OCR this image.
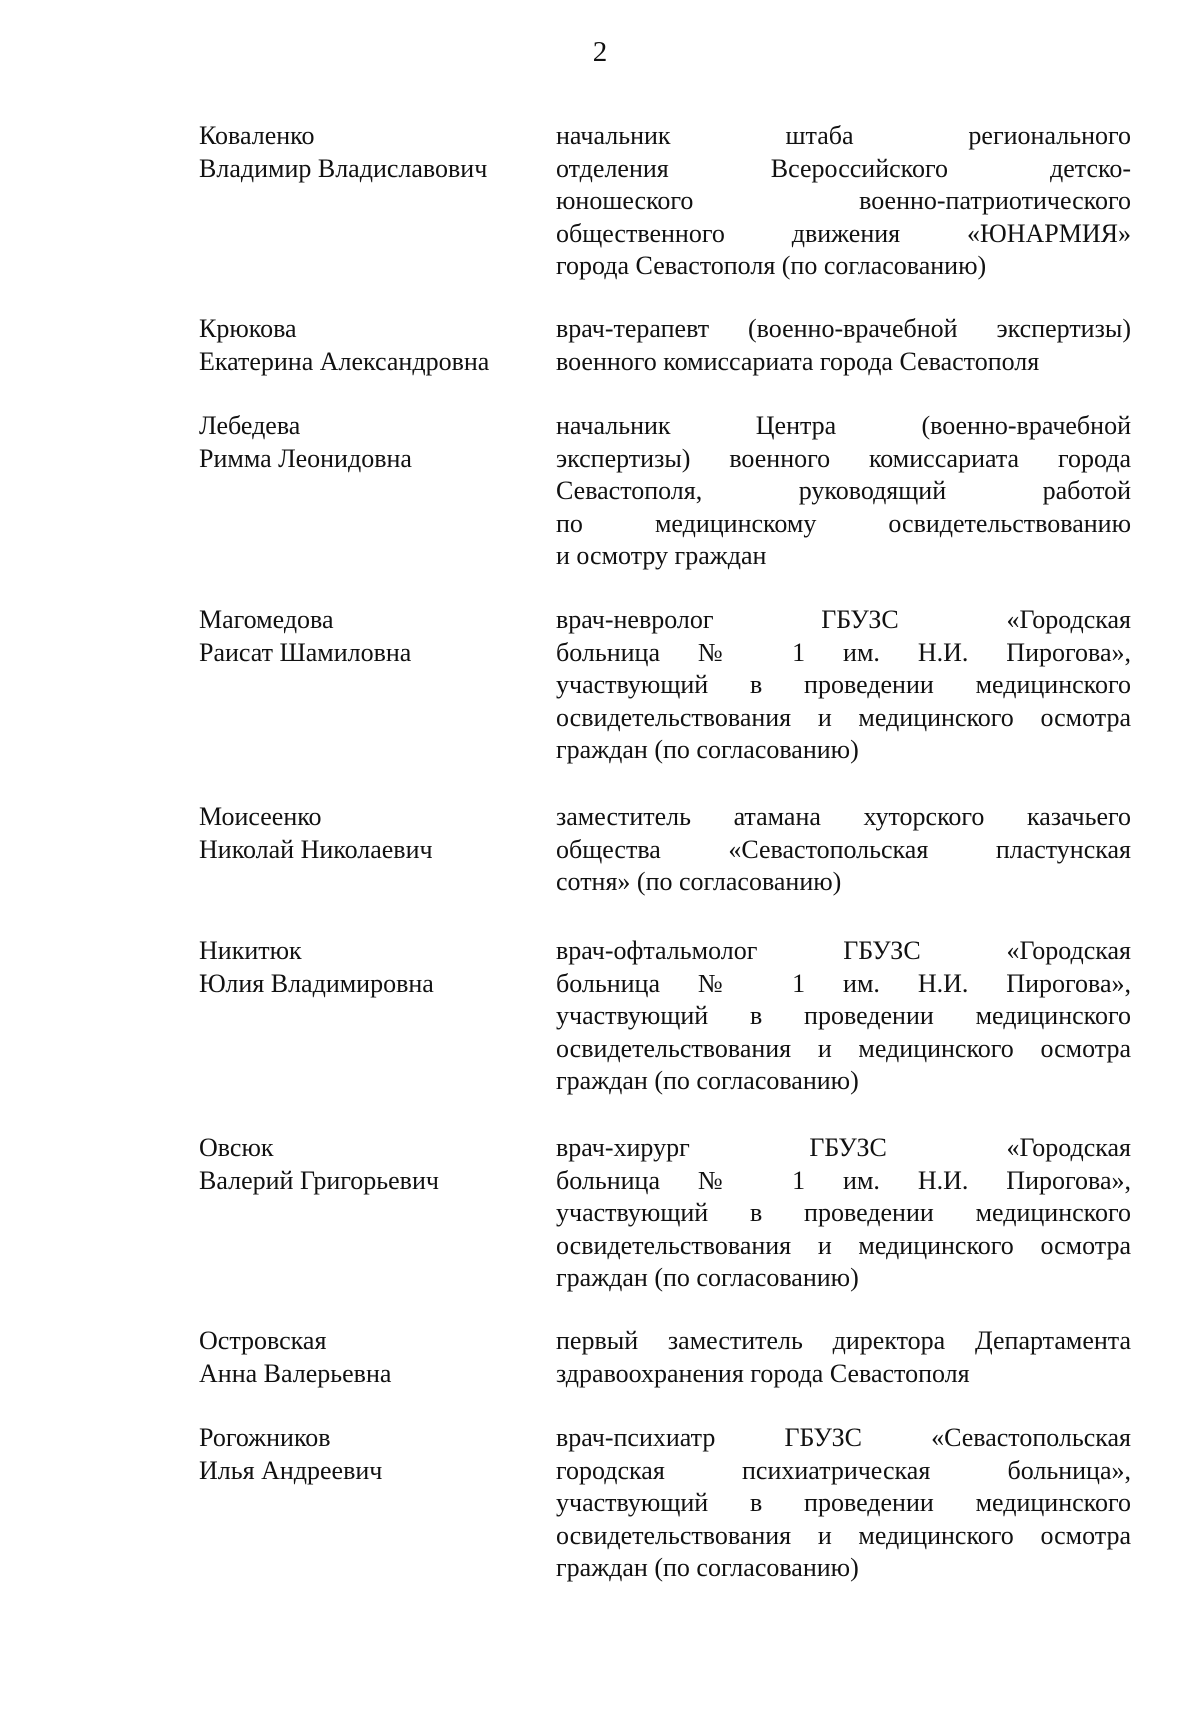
2
Коваленко
Владимир Владиславович
начальник штаба регионального
отделения Всероссийского детско-
юношеского военно-патриотического
общественного движения «ЮНАРМИЯ»
города Севастополя (по согласованию)
Крюкова
Екатерина Александровна
врач-терапевт (военно-врачебной экспертизы)
военного комиссариата города Севастополя
Лебедева
Римма Леонидовна
начальник Центра (военно-врачебной
экспертизы) военного комиссариата города
Севастополя, руководящий работой
по медицинскому освидетельствованию
и осмотру граждан
Магомедова
Раисат Шамиловна
врач-невролог ГБУЗС «Городская
больница № 1 им. Н.И. Пирогова»,
участвующий в проведении медицинского
освидетельствования и медицинского осмотра
граждан (по согласованию)
Моисеенко
Николай Николаевич
заместитель атамана хуторского казачьего
общества «Севастопольская пластунская
сотня» (по согласованию)
Никитюк
Юлия Владимировна
врач-офтальмолог ГБУЗС «Городская
больница № 1 им. Н.И. Пирогова»,
участвующий в проведении медицинского
освидетельствования и медицинского осмотра
граждан (по согласованию)
Овсюк
Валерий Григорьевич
врач-хирург ГБУЗС «Городская
больница № 1 им. Н.И. Пирогова»,
участвующий в проведении медицинского
освидетельствования и медицинского осмотра
граждан (по согласованию)
Островская
Анна Валерьевна
первый заместитель директора Департамента
здравоохранения города Севастополя
Рогожников
Илья Андреевич
врач-психиатр ГБУЗС «Севастопольская
городская психиатрическая больница»,
участвующий в проведении медицинского
освидетельствования и медицинского осмотра
граждан (по согласованию)
